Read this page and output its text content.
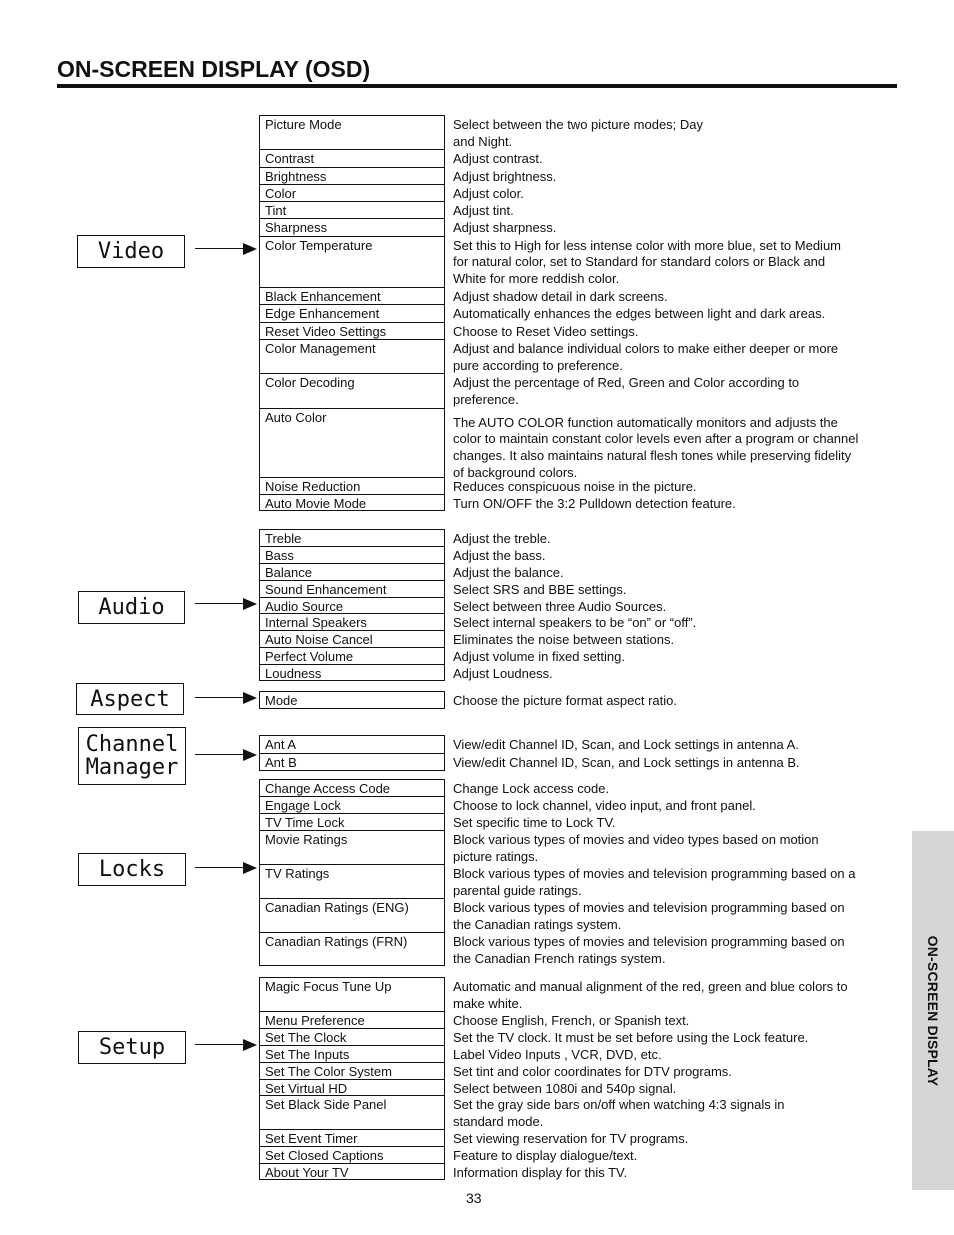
ON-SCREEN DISPLAY (OSD)
Picture Mode
Contrast
Brightness
Color
Tint
Sharpness
Color Temperature
Black Enhancement
Edge Enhancement
Reset Video Settings
Color Management
Color Decoding
Auto Color
Noise Reduction
Auto Movie Mode
Select between the two picture modes; Day
and Night.
Adjust contrast.
Adjust brightness.
Adjust color.
Adjust tint.
Adjust sharpness.
Set this to High for less intense color with more blue, set to Medium
for natural color, set to Standard for standard colors or Black and
White for more reddish color.
Adjust shadow detail in dark screens.
Automatically enhances the edges between light and dark areas.
Choose to Reset Video settings.
Adjust and balance individual colors to make either deeper or more
pure according to preference.
Adjust the percentage of Red, Green and Color according to
preference.
The AUTO COLOR function automatically monitors and adjusts the
color to maintain constant color levels even after a program or channel
changes. It also maintains natural flesh tones while preserving fidelity
of background colors.
Reduces conspicuous noise in the picture.
Turn ON/OFF the 3:2 Pulldown detection feature.
Video
Treble
Bass
Balance
Sound Enhancement
Audio Source
Internal Speakers
Auto Noise Cancel
Perfect Volume
Loudness
Adjust the treble.
Adjust the bass.
Adjust the balance.
Select SRS and BBE settings.
Select between three Audio Sources.
Select internal speakers to be “on” or “off”.
Eliminates the noise between stations.
Adjust volume in fixed setting.
Adjust Loudness.
Audio
Mode	Choose the picture format aspect ratio.
Aspect
Ant A
Ant B
View/edit Channel ID, Scan, and Lock settings in antenna A.
View/edit Channel ID, Scan, and Lock settings in antenna B.
Channel
Manager
Change Access Code
Engage Lock
TV Time Lock
Movie Ratings
TV Ratings
Canadian Ratings (ENG)
Canadian Ratings (FRN)
Change Lock access code.
Choose to lock channel, video input, and front panel.
Set specific time to Lock TV.
Block various types of movies and video types based on motion
picture ratings.
Block various types of movies and television programming based on a
parental guide ratings.
Block various types of movies and television programming based on
the Canadian ratings system.
Block various types of movies and television programming based on
the Canadian French ratings system.
Locks
Magic Focus Tune Up
Menu Preference
Set The Clock
Set The Inputs
Set The Color System
Set Virtual HD
Set Black Side Panel
Set Event Timer
Set Closed Captions
About Your TV
Automatic and manual alignment of the red, green and blue colors to
make white.
Choose English, French, or Spanish text.
Set the TV clock. It must be set before using the Lock feature.
Label Video Inputs , VCR, DVD, etc.
Set tint and color coordinates for DTV programs.
Select between 1080i and 540p signal.
Set the gray side bars on/off when watching 4:3 signals in
standard mode.
Set viewing reservation for TV programs.
Feature to display dialogue/text.
Information display for this TV.
Setup	ON-SCREEN DISPLAY
33
